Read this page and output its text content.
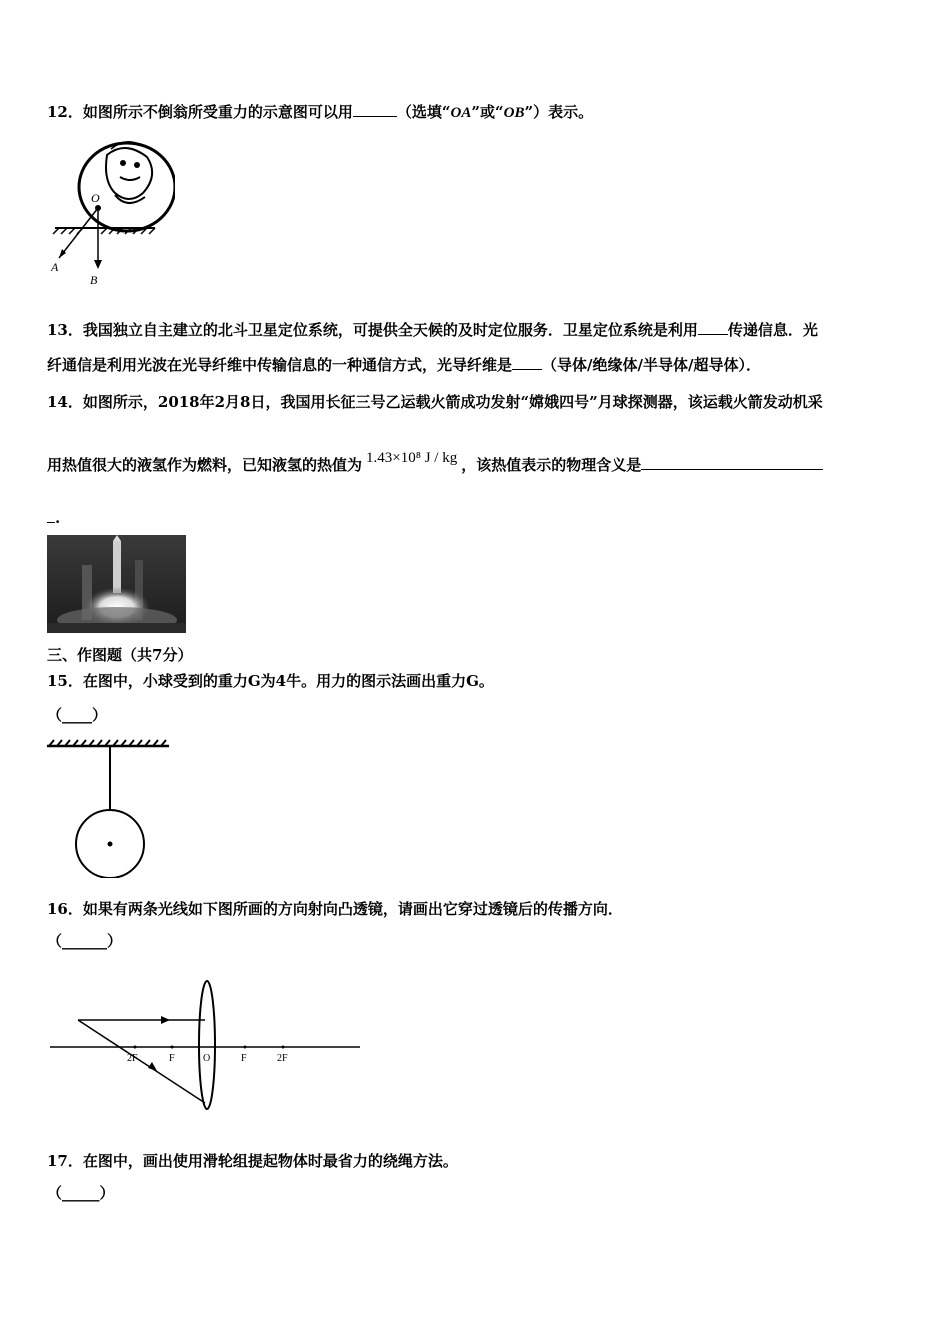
12．如图所示不倒翁所受重力的示意图可以用	（选填“OA”或“OB”）表示。
O
A
B
13．我国独立自主建立的北斗卫星定位系统，可提供全天候的及时定位服务．卫星定位系统是利用 传递信息．光
纤通信是利用光波在光导纤维中传输信息的一种通信方式，光导纤维是 （导体/绝缘体/半导体/超导体）．
14．如图所示，2018年2月8日，我国用长征三号乙运载火箭成功发射“嫦娥四号”月球探测器，该运载火箭发动机采
用热值很大的液氢作为燃料，已知液氢的热值为 1.43×10⁸ J / kg ，该热值表示的物理含义是
.
三、作图题（共7分）
15．在图中，小球受到的重力G为4牛。用力的图示法画出重力G。
（____）
16．如果有两条光线如下图所画的方向射向凸透镜，请画出它穿过透镜后的传播方向．
（______）
2F	F	O	F	2F
17．在图中，画出使用滑轮组提起物体时最省力的绕绳方法。
（_____）
